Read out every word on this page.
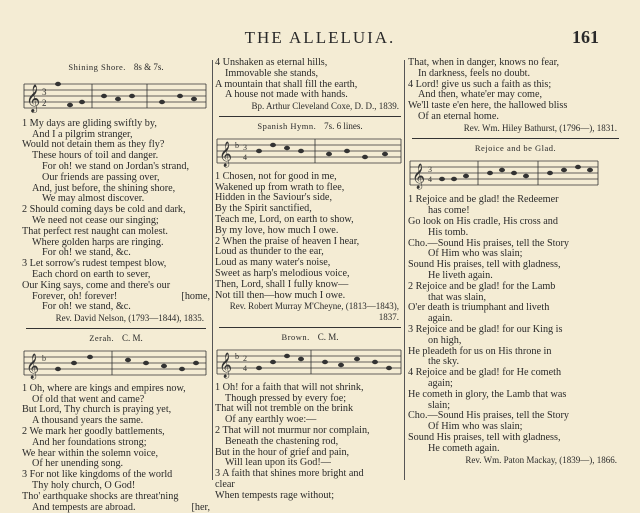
THE ALLELUIA.	161
Shining Shore. 8s & 7s.
𝄞 3
2
1 My days are gliding swiftly by,
And I a pilgrim stranger,
Would not detain them as they fly?
These hours of toil and danger.
For oh! we stand on Jordan's strand,
Our friends are passing over,
And, just before, the shining shore,
We may almost discover.
2 Should coming days be cold and dark,
We need not cease our singing;
That perfect rest naught can molest.
Where golden harps are ringing.
For oh! we stand, &c.
3 Let sorrow's rudest tempest blow,
Each chord on earth to sever,
Our King says, come and there's our
Forever, oh! forever!	[home,
For oh! we stand, &c.
Rev. David Nelson, (1793—1844), 1835.
Zerah. C. M.
𝄞 b
1 Oh, where are kings and empires now,
Of old that went and came?
But Lord, Thy church is praying yet,
A thousand years the same.
2 We mark her goodly battlements,
And her foundations strong;
We hear within the solemn voice,
Of her unending song.
3 For not like kingdoms of the world
Thy holy church, O God!
Tho' earthquake shocks are threat'ning
And tempests are abroad.	[her,
4 Unshaken as eternal hills,
Immovable she stands,
A mountain that shall fill the earth,
A house not made with hands.
Bp. Arthur Cleveland Coxe, D. D., 1839.
Spanish Hymn. 7s. 6 lines.
𝄞 b 3
4
1 Chosen, not for good in me,
Wakened up from wrath to flee,
Hidden in the Saviour's side,
By the Spirit sanctified,
Teach me, Lord, on earth to show,
By my love, how much I owe.
2 When the praise of heaven I hear,
Loud as thunder to the ear,
Loud as many water's noise,
Sweet as harp's melodious voice,
Then, Lord, shall I fully know—
Not till then—how much I owe.
Rev. Robert Murray M'Cheyne, (1813—1843), 1837.
Brown. C. M.
𝄞 b 2
4
1 Oh! for a faith that will not shrink,
Though pressed by every foe;
That will not tremble on the brink
Of any earthly woe:—
2 That will not murmur nor complain,
Beneath the chastening rod,
But in the hour of grief and pain,
Will lean upon its God!—
3 A faith that shines more bright and
clear
When tempests rage without;
That, when in danger, knows no fear,
In darkness, feels no doubt.
4 Lord! give us such a faith as this;
And then, whate'er may come,
We'll taste e'en here, the hallowed bliss
Of an eternal home.
Rev. Wm. Hiley Bathurst, (1796—), 1831.
Rejoice and be Glad.
𝄞 3
4
1 Rejoice and be glad! the Redeemer
has come!
Go look on His cradle, His cross and
His tomb.
Cho.—Sound His praises, tell the Story
Of Him who was slain;
Sound His praises, tell with gladness,
He liveth again.
2 Rejoice and be glad! for the Lamb
that was slain,
O'er death is triumphant and liveth
again.
3 Rejoice and be glad! for our King is
on high,
He pleadeth for us on His throne in
the sky.
4 Rejoice and be glad! for He cometh
again;
He cometh in glory, the Lamb that was
slain;
Cho.—Sound His praises, tell the Story
Of Him who was slain;
Sound His praises, tell with gladness,
He cometh again.
Rev. Wm. Paton Mackay, (1839—), 1866.
